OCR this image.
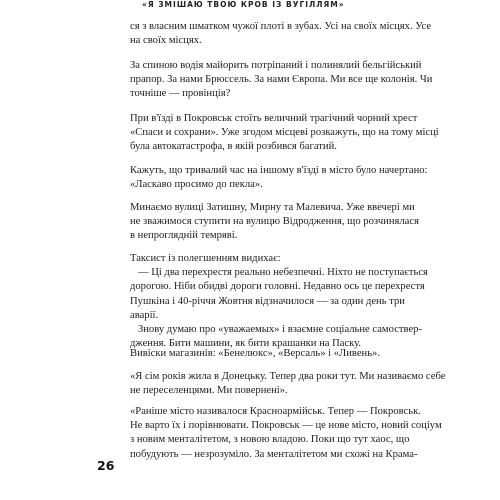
«Я ЗМІШАЮ ТВОЮ КРОВ ІЗ ВУГІЛЛЯМ»
ся з власним шматком чужої плоті в зубах. Усі на своїх місцях. Усе
на своїх місцях.
За спиною водія майорить потріпаний і полинялий бельгійський
прапор. За нами Брюссель. За нами Європа. Ми все ще колонія. Чи
точніше — провінція?
При в'їзді в Покровськ стоїть величний трагічний чорний хрест
«Спаси и сохрани». Уже згодом місцеві розкажуть, що на тому місці
була автокатастрофа, в якій розбився багатий.
Кажуть, що тривалий час на іншому в'їзді в місто було начертано:
«Ласкаво просимо до пекла».
Минаємо вулиці Затишну, Мирну та Малевича. Уже ввечері ми
не зважимося ступити на вулицю Відродження, що розчинялася
в непроглядній темряві.
Таксист із полегшенням видихає:
— Ці два перехрестя реально небезпечні. Ніхто не поступається
дорогою. Ніби обидві дороги головні. Недавно ось це перехрестя
Пушкіна і 40-річчя Жовтня відзначилося — за один день три
аварії.
Знову думаю про «уважаемых» і взаємне соціальне самоствер-
дження. Бити машини, як бити крашанки на Паску.
Вивіски магазинів: «Бенелюкс», «Версаль» і «Ливень».
«Я сім років жила в Донецьку. Тепер два роки тут. Ми називаємо себе
не переселенцями. Ми повернені».
«Раніше місто називалося Красноармійськ. Тепер — Покровськ.
Не варто їх і порівнювати. Покровськ — це нове місто, новий соціум
з новим менталітетом, з новою владою. Поки що тут хаос, що
побудують — незрозуміло. За менталітетом ми схожі на Крама-
26
